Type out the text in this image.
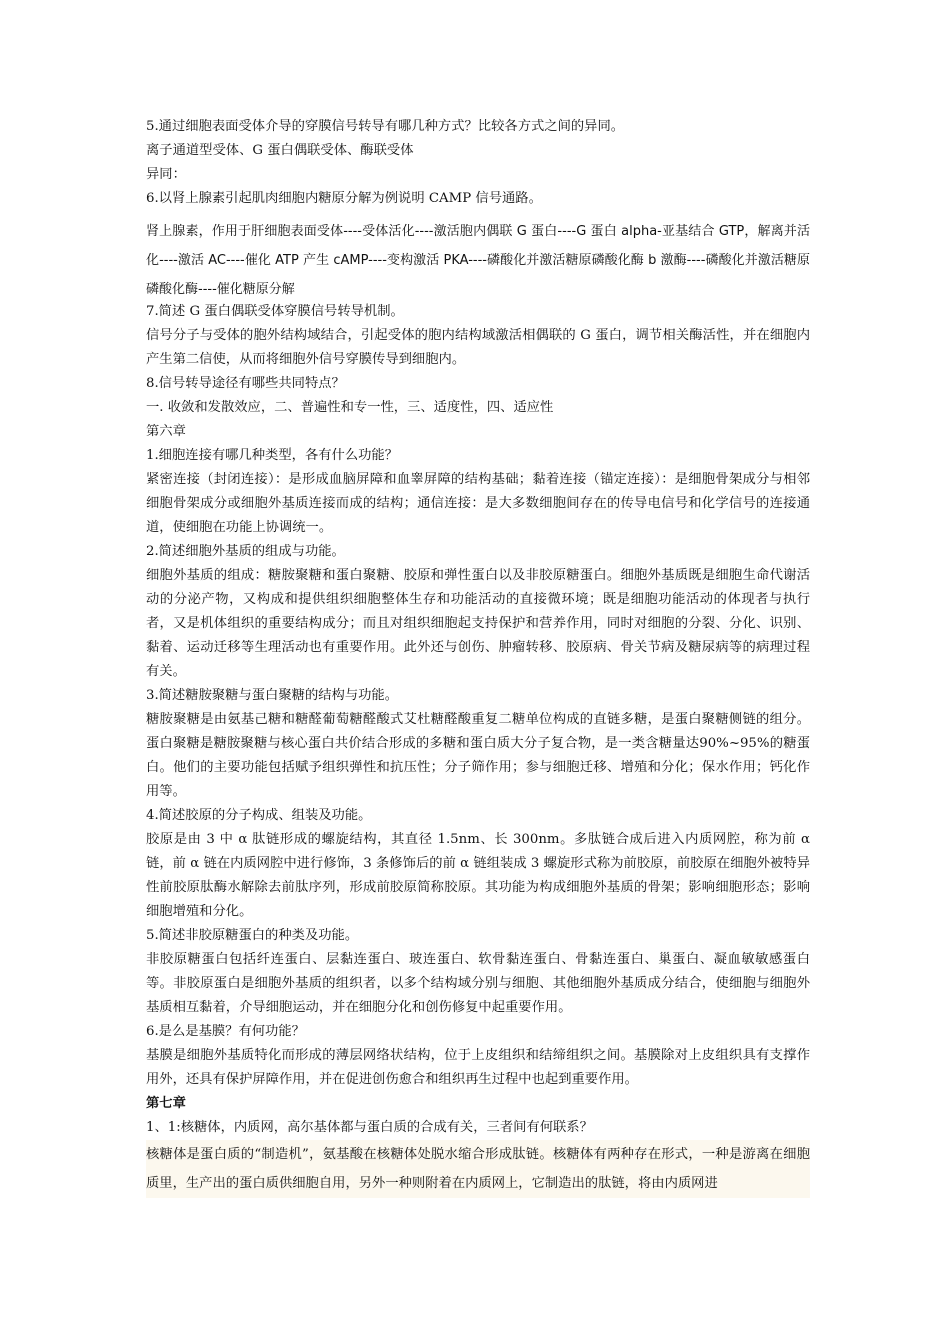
5.通过细胞表面受体介导的穿膜信号转导有哪几种方式？比较各方式之间的异同。

离子通道型受体、G 蛋白偶联受体、酶联受体

异同：

6.以肾上腺素引起肌肉细胞内糖原分解为例说明 CAMP 信号通路。

肾上腺素，作用于肝细胞表面受体----受体活化----激活胞内偶联 G 蛋白----G 蛋白 alpha-亚基结合 GTP，解离并活化----激活 AC----催化 ATP 产生 cAMP----变构激活 PKA----磷酸化并激活糖原磷酸化酶 b 激酶----磷酸化并激活糖原磷酸化酶----催化糖原分解

7.简述 G 蛋白偶联受体穿膜信号转导机制。

信号分子与受体的胞外结构域结合，引起受体的胞内结构域激活相偶联的 G 蛋白，调节相关酶活性，并在细胞内产生第二信使，从而将细胞外信号穿膜传导到细胞内。

8.信号转导途径有哪些共同特点？

一. 收敛和发散效应，二、普遍性和专一性，三、适度性，四、适应性

第六章

1.细胞连接有哪几种类型，各有什么功能？

紧密连接（封闭连接）：是形成血脑屏障和血睾屏障的结构基础；黏着连接（锚定连接）：是细胞骨架成分与相邻细胞骨架成分或细胞外基质连接而成的结构；通信连接：是大多数细胞间存在的传导电信号和化学信号的连接通道，使细胞在功能上协调统一。

2.简述细胞外基质的组成与功能。

细胞外基质的组成：糖胺聚糖和蛋白聚糖、胶原和弹性蛋白以及非胶原糖蛋白。细胞外基质既是细胞生命代谢活动的分泌产物，又构成和提供组织细胞整体生存和功能活动的直接微环境；既是细胞功能活动的体现者与执行者，又是机体组织的重要结构成分；而且对组织细胞起支持保护和营养作用，同时对细胞的分裂、分化、识别、黏着、运动迁移等生理活动也有重要作用。此外还与创伤、肿瘤转移、胶原病、骨关节病及糖尿病等的病理过程有关。

3.简述糖胺聚糖与蛋白聚糖的结构与功能。

糖胺聚糖是由氨基己糖和糖醛葡萄糖醛酸式艾杜糖醛酸重复二糖单位构成的直链多糖，是蛋白聚糖侧链的组分。蛋白聚糖是糖胺聚糖与核心蛋白共价结合形成的多糖和蛋白质大分子复合物，是一类含糖量达90%~95%的糖蛋白。他们的主要功能包括赋予组织弹性和抗压性；分子筛作用；参与细胞迁移、增殖和分化；保水作用；钙化作用等。

4.简述胶原的分子构成、组装及功能。

胶原是由 3 中 α 肽链形成的螺旋结构，其直径 1.5nm、长 300nm。多肽链合成后进入内质网腔，称为前 α 链，前 α 链在内质网腔中进行修饰，3 条修饰后的前 α 链组装成 3 螺旋形式称为前胶原，前胶原在细胞外被特异性前胶原肽酶水解除去前肽序列，形成前胶原简称胶原。其功能为构成细胞外基质的骨架；影响细胞形态；影响细胞增殖和分化。

5.简述非胶原糖蛋白的种类及功能。

非胶原糖蛋白包括纤连蛋白、层黏连蛋白、玻连蛋白、软骨黏连蛋白、骨黏连蛋白、巢蛋白、凝血敏敏感蛋白等。非胶原蛋白是细胞外基质的组织者，以多个结构域分别与细胞、其他细胞外基质成分结合，使细胞与细胞外基质相互黏着，介导细胞运动，并在细胞分化和创伤修复中起重要作用。

6.是么是基膜？有何功能？

基膜是细胞外基质特化而形成的薄层网络状结构，位于上皮组织和结缔组织之间。基膜除对上皮组织具有支撑作用外，还具有保护屏障作用，并在促进创伤愈合和组织再生过程中也起到重要作用。

第七章

1、1:核糖体，内质网，高尔基体都与蛋白质的合成有关，三者间有何联系？

核糖体是蛋白质的“制造机”，氨基酸在核糖体处脱水缩合形成肽链。核糖体有两种存在形式，一种是游离在细胞质里，生产出的蛋白质供细胞自用，另外一种则附着在内质网上，它制造出的肽链，将由内质网进
